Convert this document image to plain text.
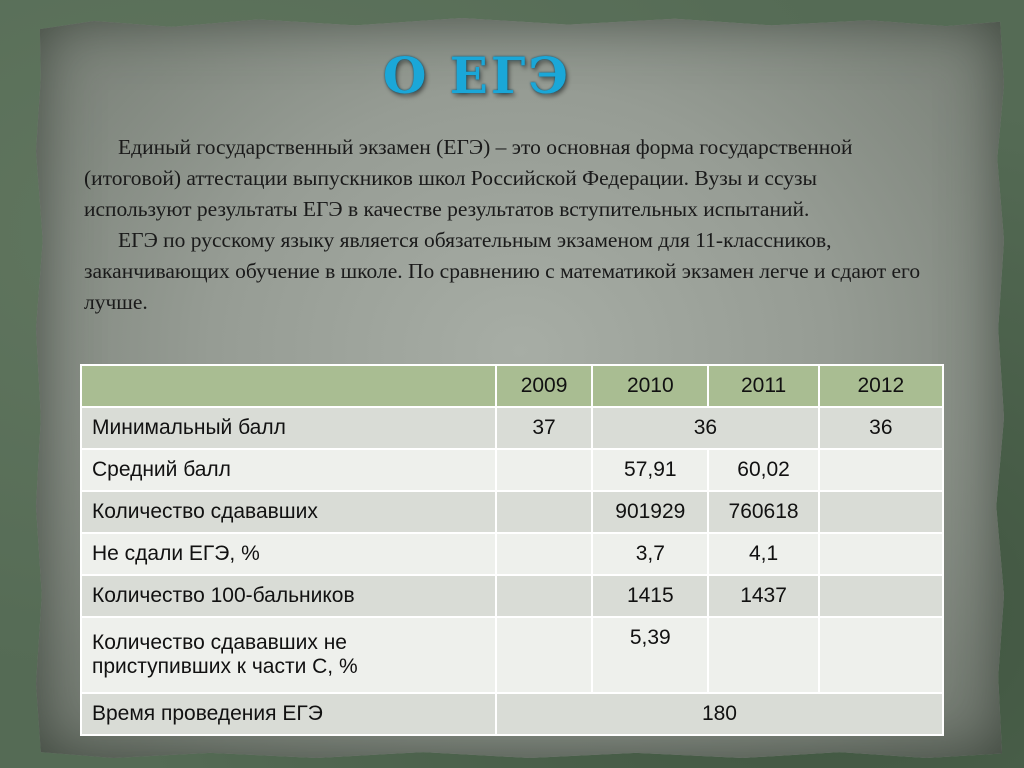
О ЕГЭ

Единый государственный экзамен (ЕГЭ) – это основная форма государственной (итоговой) аттестации выпускников школ Российской Федерации. Вузы и ссузы используют результаты ЕГЭ в качестве результатов вступительных испытаний.

ЕГЭ по русскому языку является обязательным экзаменом для 11-классников, заканчивающих обучение в школе. По сравнению с математикой экзамен легче и сдают его лучше.

	2009	2010	2011	2012
Минимальный балл	37	36		36
Средний балл		57,91	60,02	
Количество сдававших		901929	760618	
Не сдали ЕГЭ, %		3,7	4,1	
Количество 100-бальников		1415	1437	
Количество сдававших не приступивших к части С, %		5,39		
Время проведения ЕГЭ	180			
